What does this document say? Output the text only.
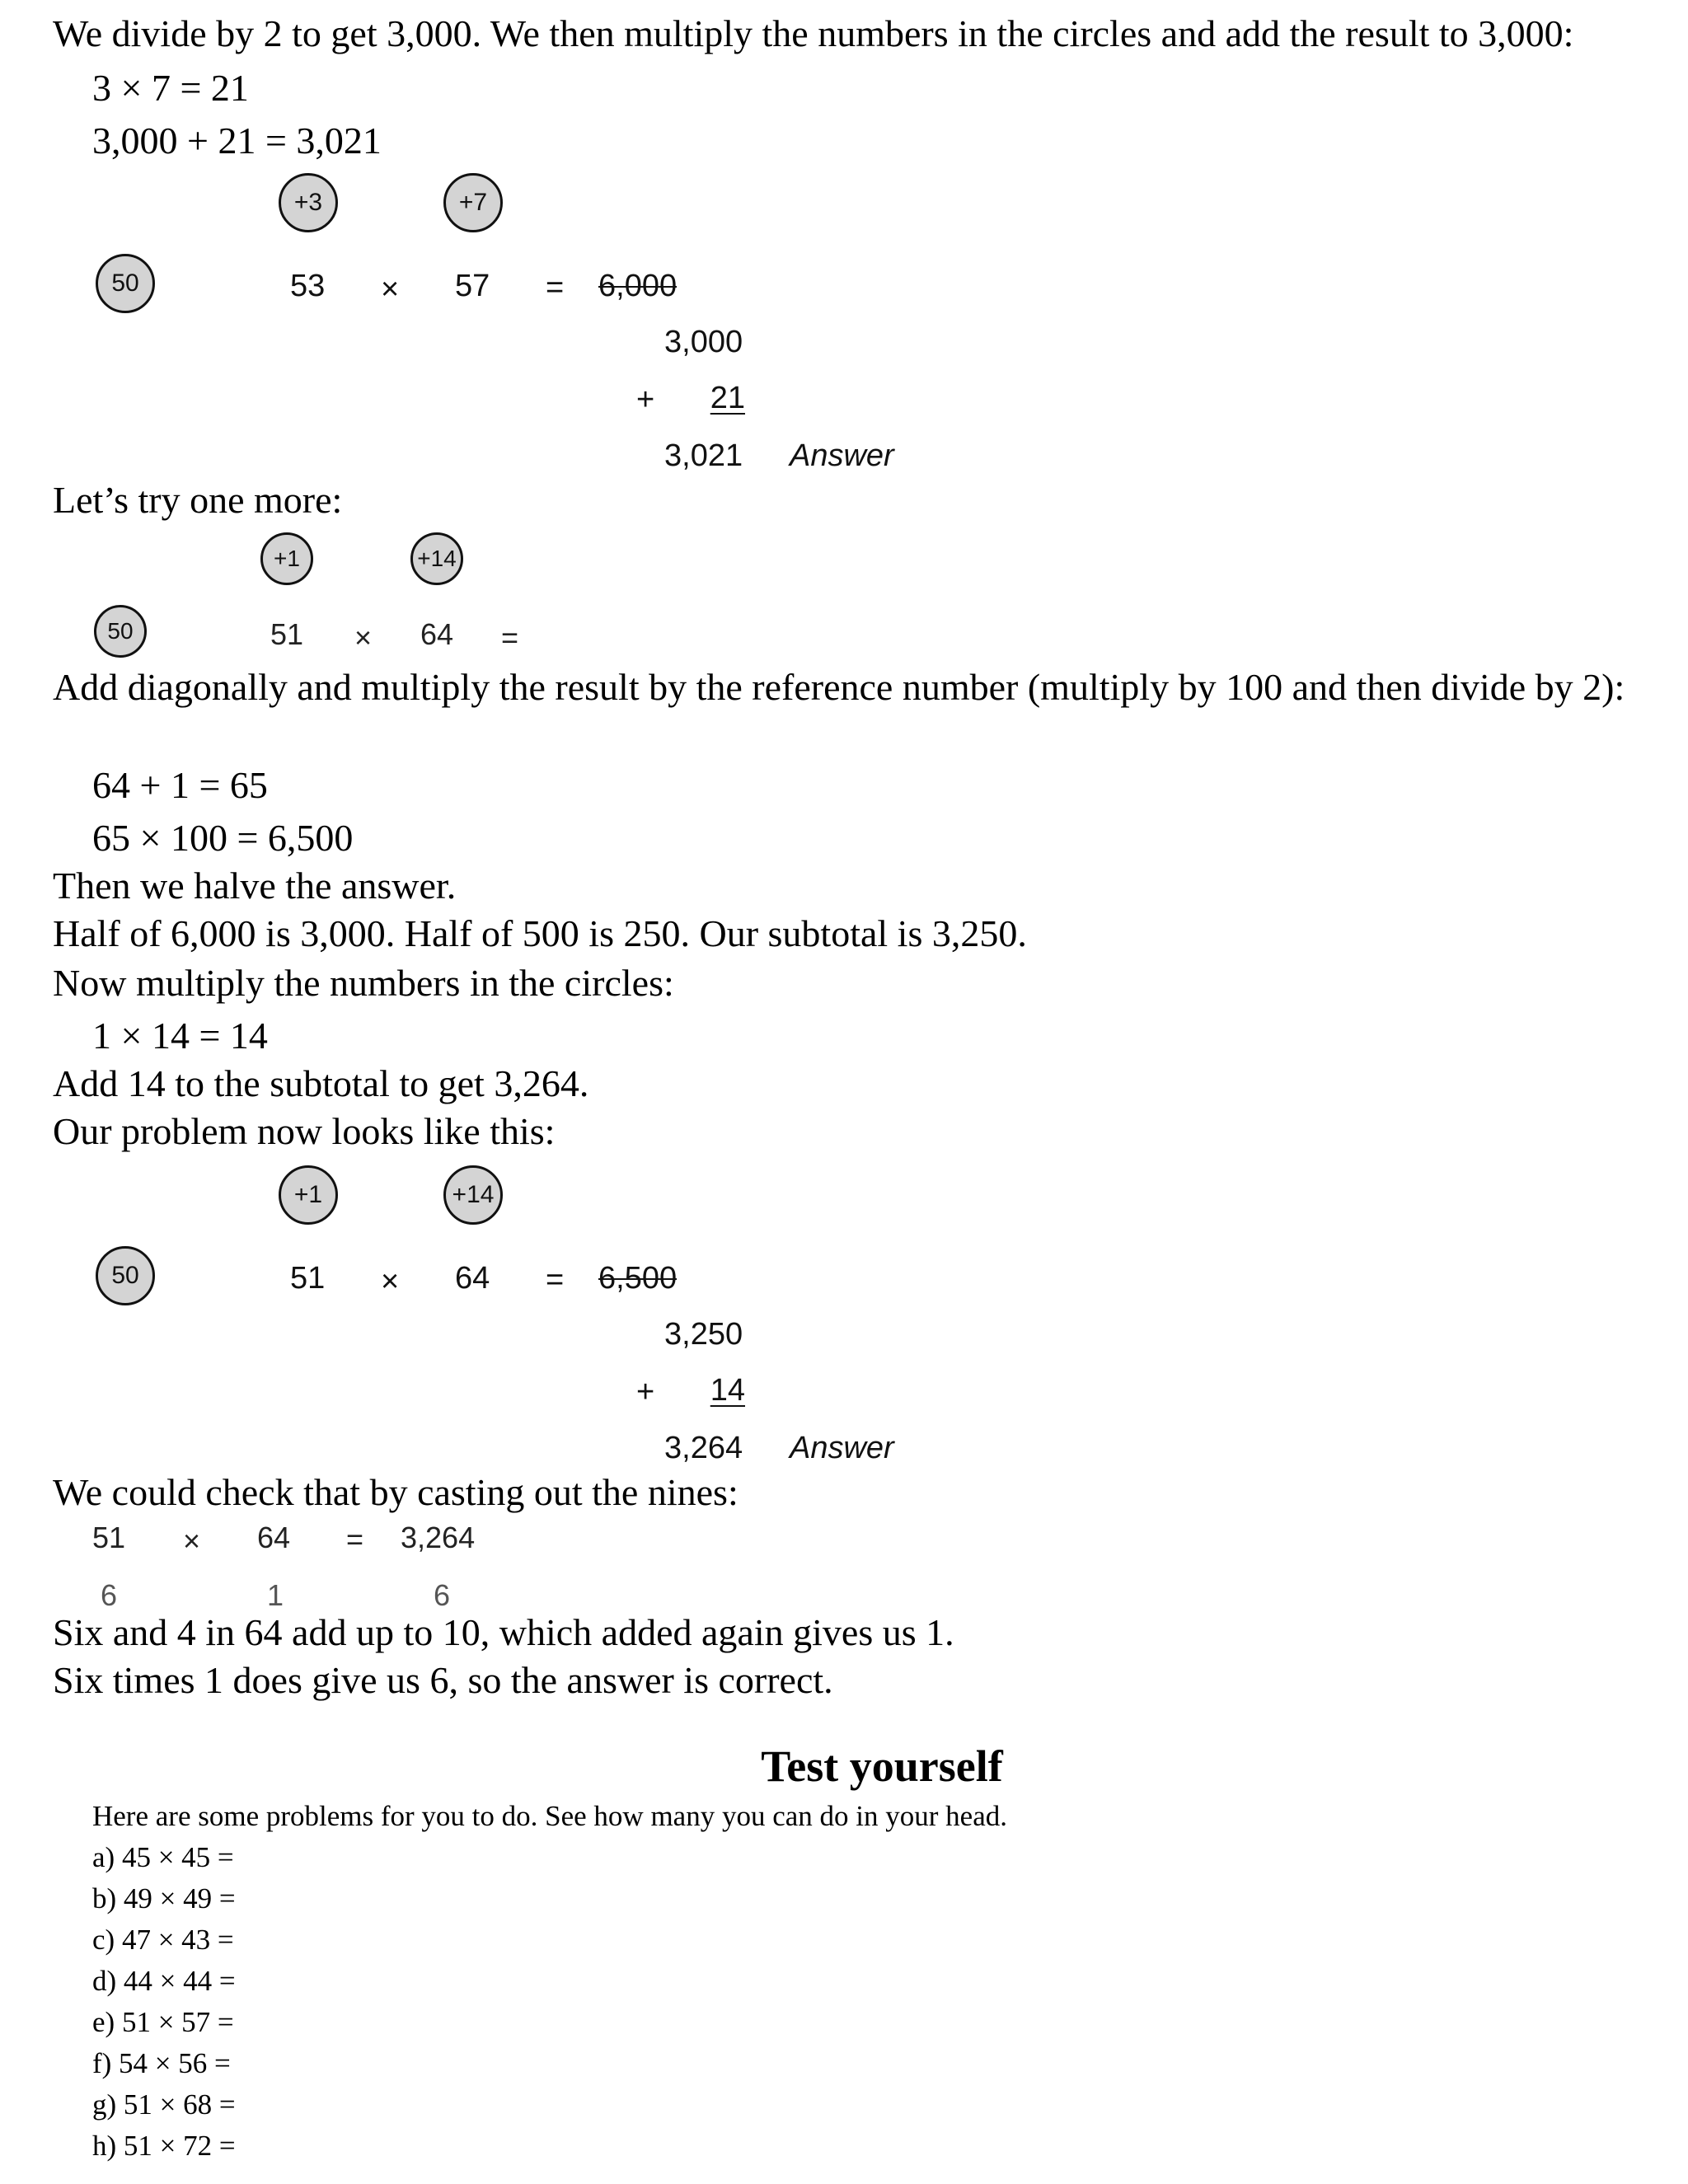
We divide by 2 to get 3,000. We then multiply the numbers in the circles and add the result to 3,000:
3 × 7 = 21
3,000 + 21 = 3,021
+3	+7
50	53 × 57 = 6,000
3,000
+	21
3,021 Answer
Let’s try one more:
+1	+14
50	51 × 64 =
Add diagonally and multiply the result by the reference number (multiply by 100 and then divide by 2):
64 + 1 = 65
65 × 100 = 6,500
Then we halve the answer.
Half of 6,000 is 3,000. Half of 500 is 250. Our subtotal is 3,250.
Now multiply the numbers in the circles:
1 × 14 = 14
Add 14 to the subtotal to get 3,264.
Our problem now looks like this:
+1	+14
50	51 × 64 = 6,500
3,250
+	14
3,264 Answer
We could check that by casting out the nines:
51 × 64 = 3,264
6	1	6
Six and 4 in 64 add up to 10, which added again gives us 1.
Six times 1 does give us 6, so the answer is correct.
Test yourself
Here are some problems for you to do. See how many you can do in your head.
a) 45 × 45 =
b) 49 × 49 =
c) 47 × 43 =
d) 44 × 44 =
e) 51 × 57 =
f) 54 × 56 =
g) 51 × 68 =
h) 51 × 72 =
